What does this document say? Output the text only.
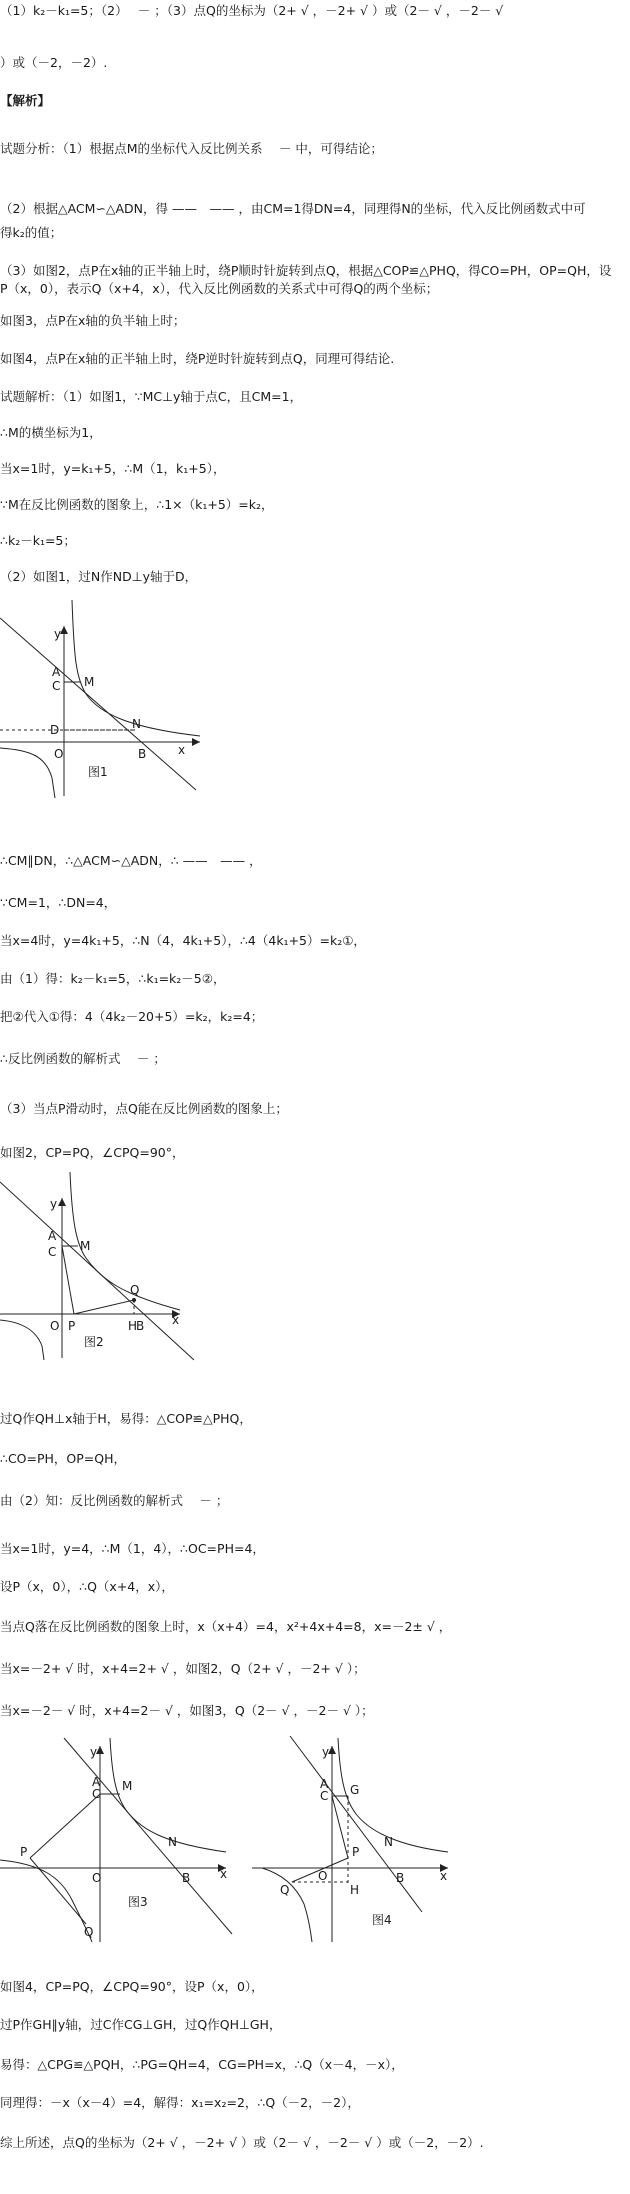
（1）k₂－k₁=5；（2）　 － ；（3）点Q的坐标为（2+ √ ，－2+ √ ）或（2－ √ ，－2－ √
）或（－2，－2）.
【解析】
试题分析：（1）根据点M的坐标代入反比例关系　 － 中，可得结论；
（2）根据△ACM∽△ADN，得 ——　—— ，由CM=1得DN=4，同理得N的坐标，代入反比例函数式中可
得k₂的值；
（3）如图2，点P在x轴的正半轴上时，绕P顺时针旋转到点Q，根据△COP≌△PHQ，得CO=PH，OP=QH，设
P（x，0），表示Q（x+4，x），代入反比例函数的关系式中可得Q的两个坐标；
如图3，点P在x轴的负半轴上时；
如图4，点P在x轴的正半轴上时，绕P逆时针旋转到点Q，同理可得结论.
试题解析：（1）如图1，∵MC⊥y轴于点C，且CM=1，
∴M的横坐标为1，
当x=1时，y=k₁+5，∴M（1，k₁+5），
∵M在反比例函数的图象上，∴1×（k₁+5）=k₂，
∴k₂－k₁=5；
（2）如图1，过N作ND⊥y轴于D，
y
A
C M
D	N
O	B	x
图1
∴CM∥DN，∴△ACM∽△ADN，∴ ——　—— ，
∵CM=1，∴DN=4，
当x=4时，y=4k₁+5，∴N（4，4k₁+5），∴4（4k₁+5）=k₂①，
由（1）得：k₂－k₁=5，∴k₁=k₂－5②，
把②代入①得：4（4k₂－20+5）=k₂，k₂=4；
∴反比例函数的解析式　 － ；
（3）当点P滑动时，点Q能在反比例函数的图象上；
如图2，CP=PQ，∠CPQ=90°，
y
A
C M
Q
O P	H
B x
图2
过Q作QH⊥x轴于H，易得：△COP≌△PHQ，
∴CO=PH，OP=QH，
由（2）知：反比例函数的解析式　 － ；
当x=1时，y=4，∴M（1，4），∴OC=PH=4，
设P（x，0），∴Q（x+4，x），
当点Q落在反比例函数的图象上时，x（x+4）=4，x²+4x+4=8，x=－2± √ ，
当x=－2+ √ 时，x+4=2+ √ ，如图2，Q（2+ √ ，－2+ √ ）；
当x=－2－ √ 时，x+4=2－ √ ，如图3，Q（2－ √ ，－2－ √ ）；
y
A
C
M
N
P
O	B x
Q
图3
y
A
C G
N
P
O
H
B	x
Q
图4
如图4，CP=PQ，∠CPQ=90°，设P（x，0），
过P作GH∥y轴，过C作CG⊥GH，过Q作QH⊥GH，
易得：△CPG≌△PQH，∴PG=QH=4，CG=PH=x，∴Q（x－4，－x），
同理得：－x（x－4）=4，解得：x₁=x₂=2，∴Q（－2，－2），
综上所述，点Q的坐标为（2+ √ ，－2+ √ ）或（2－ √ ，－2－ √ ）或（－2，－2）.
